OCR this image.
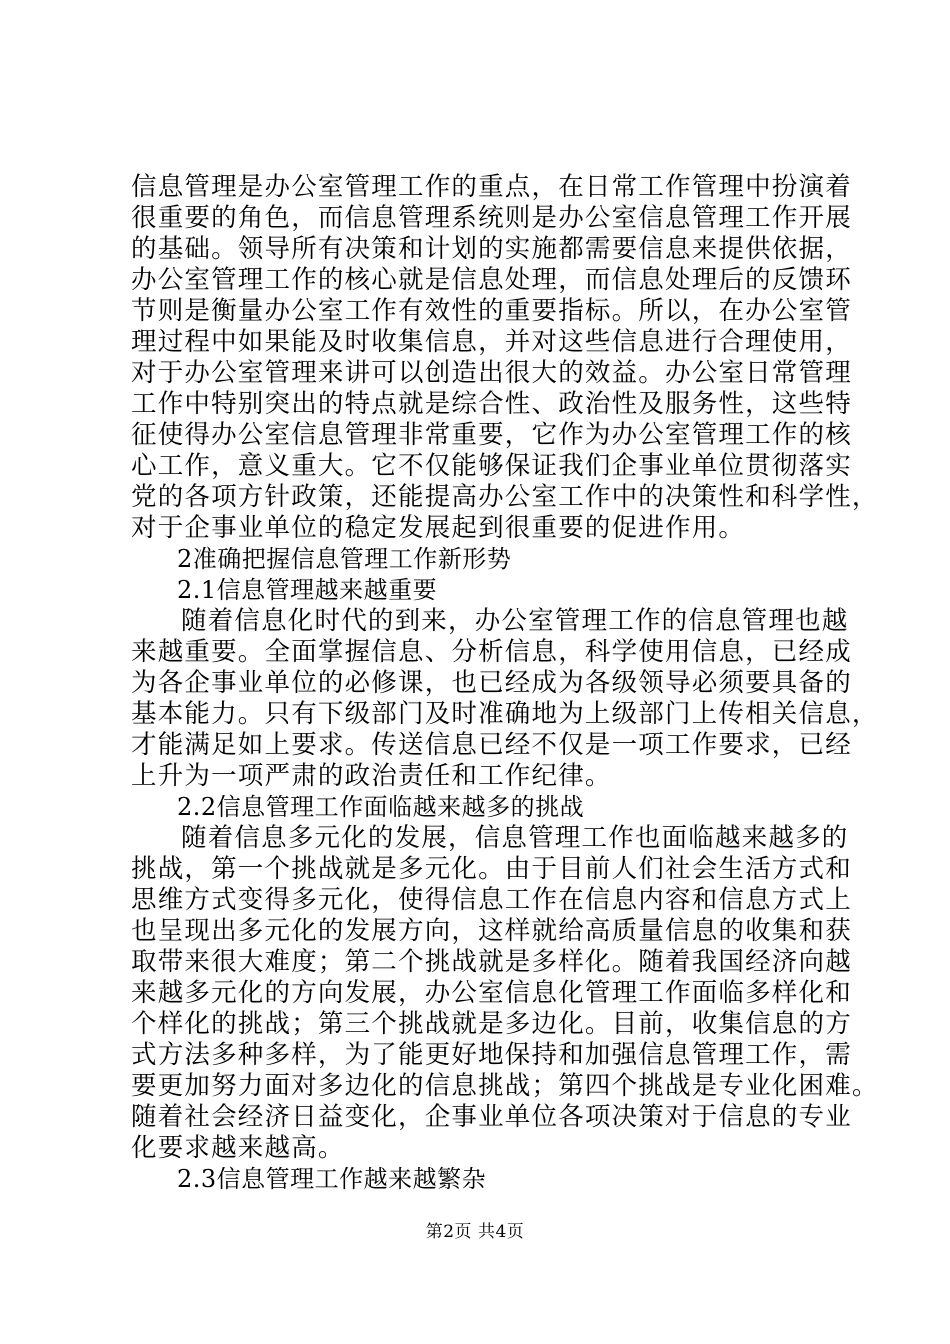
信息管理是办公室管理工作的重点，在日常工作管理中扮演着
很重要的角色，而信息管理系统则是办公室信息管理工作开展
的基础。领导所有决策和计划的实施都需要信息来提供依据，
办公室管理工作的核心就是信息处理，而信息处理后的反馈环
节则是衡量办公室工作有效性的重要指标。所以，在办公室管
理过程中如果能及时收集信息，并对这些信息进行合理使用，
对于办公室管理来讲可以创造出很大的效益。办公室日常管理
工作中特别突出的特点就是综合性、政治性及服务性，这些特
征使得办公室信息管理非常重要，它作为办公室管理工作的核
心工作，意义重大。它不仅能够保证我们企事业单位贯彻落实
党的各项方针政策，还能提高办公室工作中的决策性和科学性，
对于企事业单位的稳定发展起到很重要的促进作用。
2准确把握信息管理工作新形势
2.1信息管理越来越重要
随着信息化时代的到来，办公室管理工作的信息管理也越
来越重要。全面掌握信息、分析信息，科学使用信息，已经成
为各企事业单位的必修课，也已经成为各级领导必须要具备的
基本能力。只有下级部门及时准确地为上级部门上传相关信息，
才能满足如上要求。传送信息已经不仅是一项工作要求，已经
上升为一项严肃的政治责任和工作纪律。
2.2信息管理工作面临越来越多的挑战
随着信息多元化的发展，信息管理工作也面临越来越多的
挑战，第一个挑战就是多元化。由于目前人们社会生活方式和
思维方式变得多元化，使得信息工作在信息内容和信息方式上
也呈现出多元化的发展方向，这样就给高质量信息的收集和获
取带来很大难度；第二个挑战就是多样化。随着我国经济向越
来越多元化的方向发展，办公室信息化管理工作面临多样化和
个样化的挑战；第三个挑战就是多边化。目前，收集信息的方
式方法多种多样，为了能更好地保持和加强信息管理工作，需
要更加努力面对多边化的信息挑战；第四个挑战是专业化困难。
随着社会经济日益变化，企事业单位各项决策对于信息的专业
化要求越来越高。
2.3信息管理工作越来越繁杂
第2页 共4页
